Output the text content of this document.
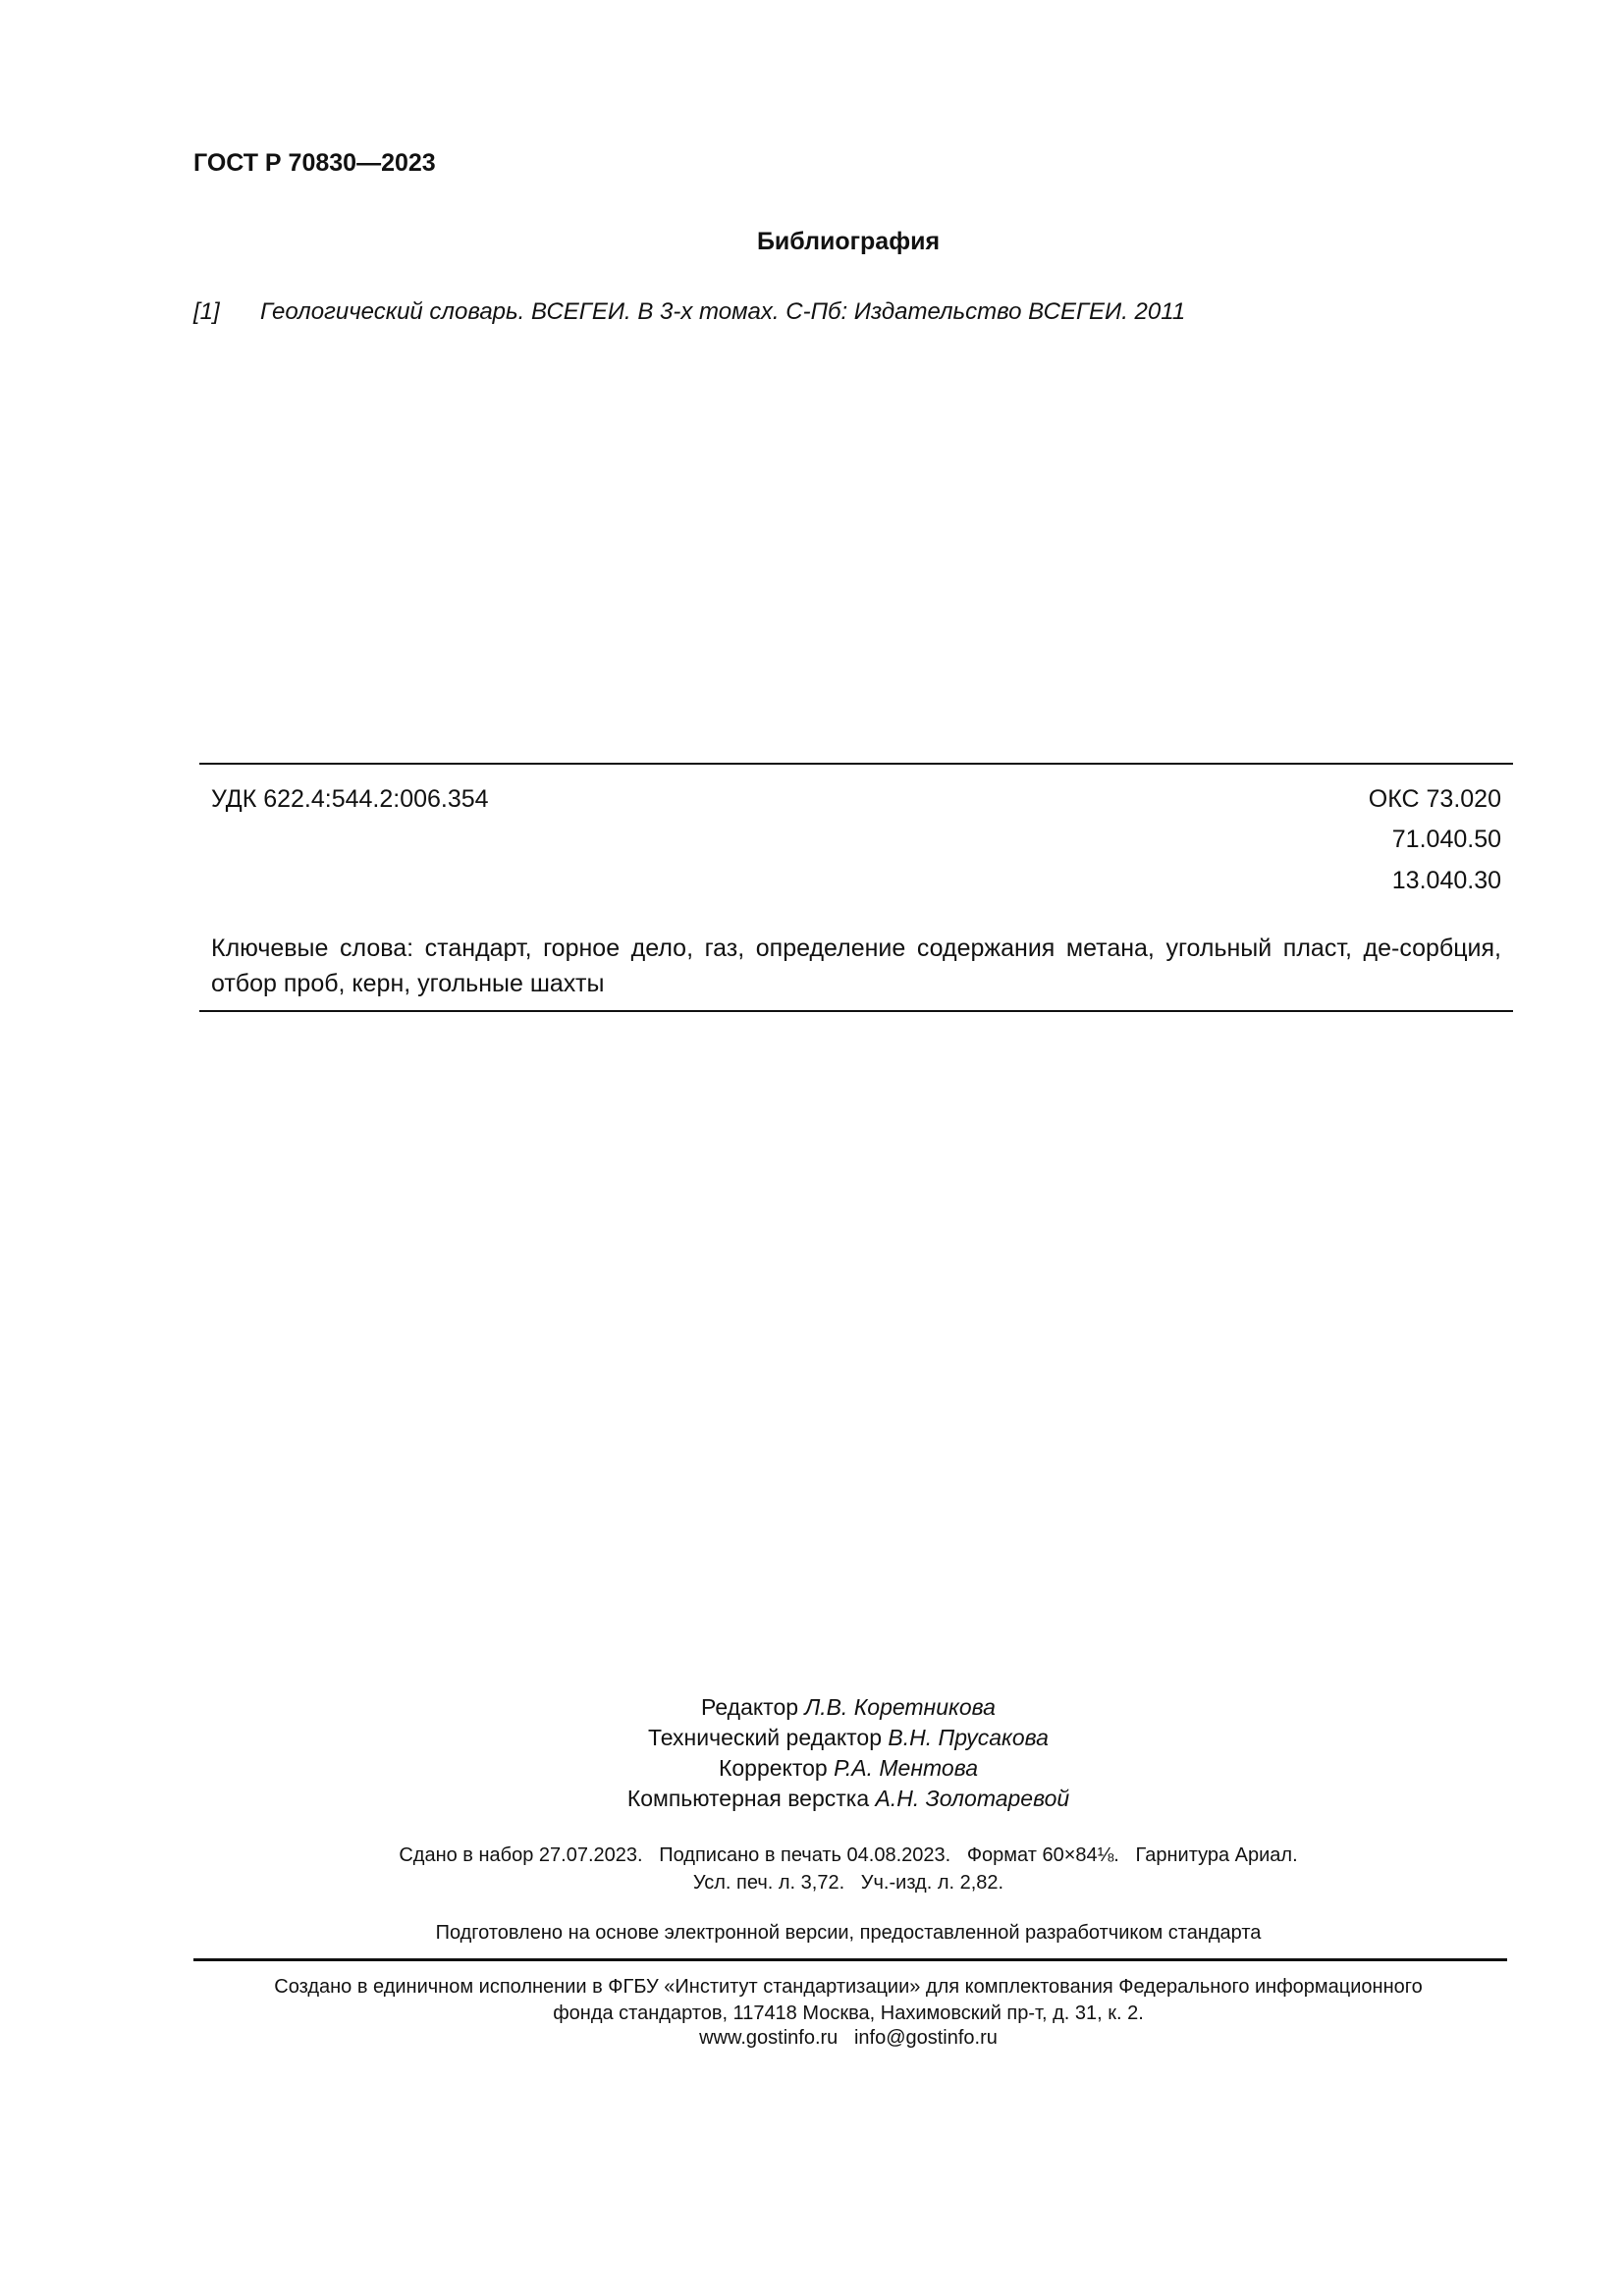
ГОСТ Р 70830—2023
Библиография
[1] Геологический словарь. ВСЕГЕИ. В 3-х томах. С-Пб: Издательство ВСЕГЕИ. 2011
УДК 622.4:544.2:006.354	ОКС 73.020
71.040.50
13.040.30
Ключевые слова: стандарт, горное дело, газ, определение содержания метана, угольный пласт, де-сорбция, отбор проб, керн, угольные шахты
Редактор Л.В. Коретникова
Технический редактор В.Н. Прусакова
Корректор Р.А. Ментова
Компьютерная верстка А.Н. Золотаревой
Сдано в набор 27.07.2023.   Подписано в печать 04.08.2023.   Формат 60×84⅛.   Гарнитура Ариал.
Усл. печ. л. 3,72.   Уч.-изд. л. 2,82.
Подготовлено на основе электронной версии, предоставленной разработчиком стандарта
Создано в единичном исполнении в ФГБУ «Институт стандартизации» для комплектования Федерального информационного
фонда стандартов, 117418 Москва, Нахимовский пр-т, д. 31, к. 2.
www.gostinfo.ru   info@gostinfo.ru
